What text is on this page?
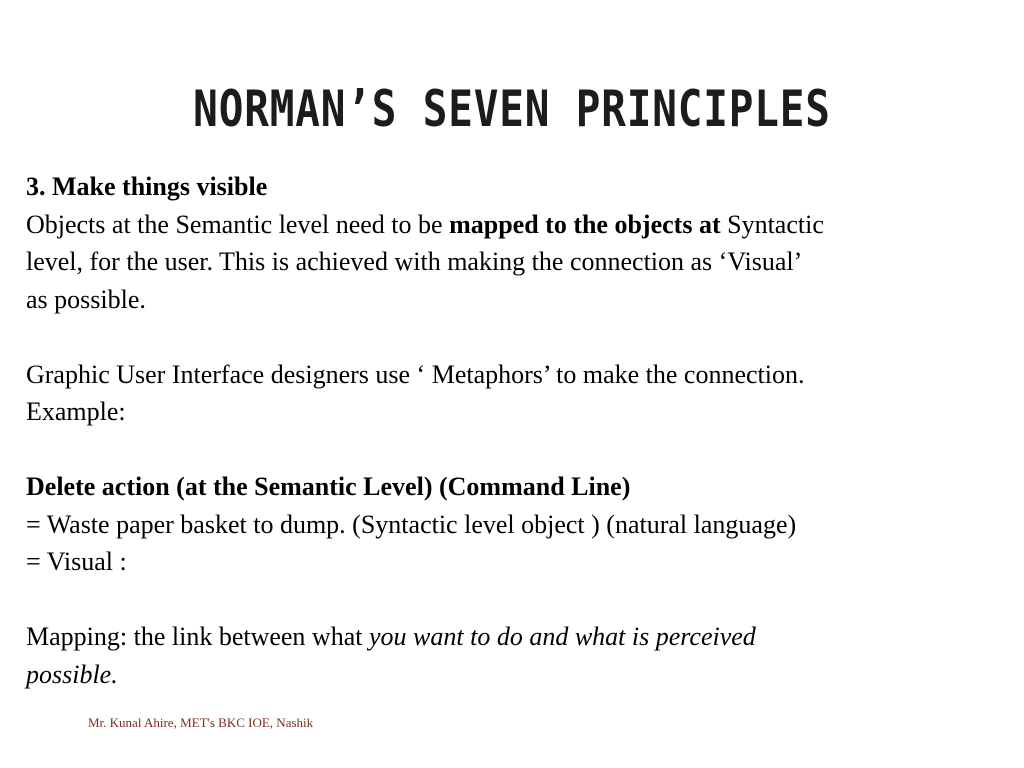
NORMAN’S SEVEN PRINCIPLES
3. Make things visible
Objects at the Semantic level need to be mapped to the objects at Syntactic
level, for the user. This is achieved with making the connection as ‘Visual’
as possible.
Graphic User Interface designers use ‘ Metaphors’ to make the connection.
Example:
Delete action (at the Semantic Level) (Command Line)
= Waste paper basket to dump. (Syntactic level object ) (natural language)
= Visual :
Mapping: the link between what you want to do and what is perceived
possible.
Mr. Kunal Ahire, MET's BKC IOE, Nashik
